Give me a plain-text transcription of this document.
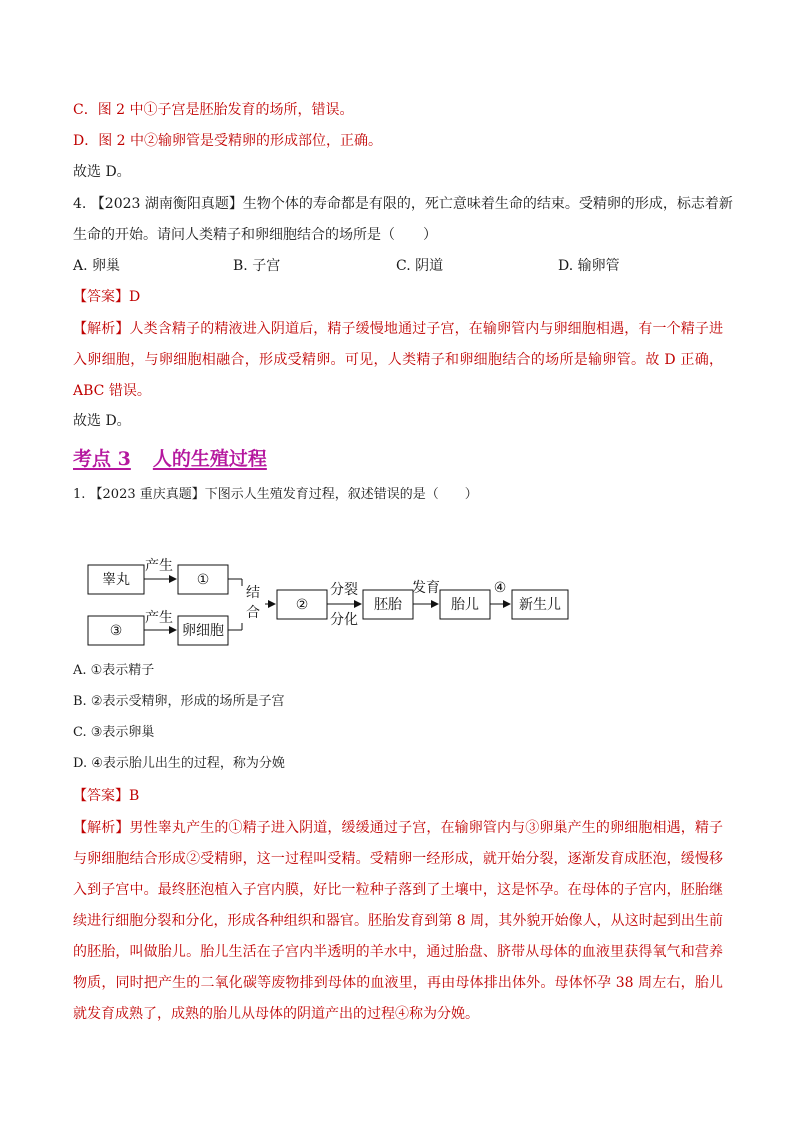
C．图 2 中①子宫是胚胎发育的场所，错误。
D．图 2 中②输卵管是受精卵的形成部位，正确。
故选 D。
4. 【2023 湖南衡阳真题】生物个体的寿命都是有限的，死亡意味着生命的结束。受精卵的形成，标志着新
生命的开始。请问人类精子和卵细胞结合的场所是（　　）
A. 卵巢	B. 子宫	C. 阴道	D. 输卵管
【答案】D
【解析】人类含精子的精液进入阴道后，精子缓慢地通过子宫，在输卵管内与卵细胞相遇，有一个精子进入卵细胞，与卵细胞相融合，形成受精卵。可见，人类精子和卵细胞结合的场所是输卵管。故 D 正确，ABC 错误。
故选 D。
考点 3 人的生殖过程
1. 【2023 重庆真题】下图示人生殖发育过程，叙述错误的是（　　）
睾丸
产生
①
③
产生
卵细胞
结
合	②
分裂
分化
胚胎
发育
胎儿
④
新生儿
A. ①表示精子
B. ②表示受精卵，形成的场所是子宫
C. ③表示卵巢
D. ④表示胎儿出生的过程，称为分娩
【答案】B
【解析】男性睾丸产生的①精子进入阴道，缓缓通过子宫，在输卵管内与③卵巢产生的卵细胞相遇，精子与卵细胞结合形成②受精卵，这一过程叫受精。受精卵一经形成，就开始分裂，逐渐发育成胚泡，缓慢移入到子宫中。最终胚泡植入子宫内膜，好比一粒种子落到了土壤中，这是怀孕。在母体的子宫内，胚胎继续进行细胞分裂和分化，形成各种组织和器官。胚胎发育到第 8 周，其外貌开始像人，从这时起到出生前的胚胎，叫做胎儿。胎儿生活在子宫内半透明的羊水中，通过胎盘、脐带从母体的血液里获得氧气和营养物质，同时把产生的二氧化碳等废物排到母体的血液里，再由母体排出体外。母体怀孕 38 周左右，胎儿就发育成熟了，成熟的胎儿从母体的阴道产出的过程④称为分娩。
